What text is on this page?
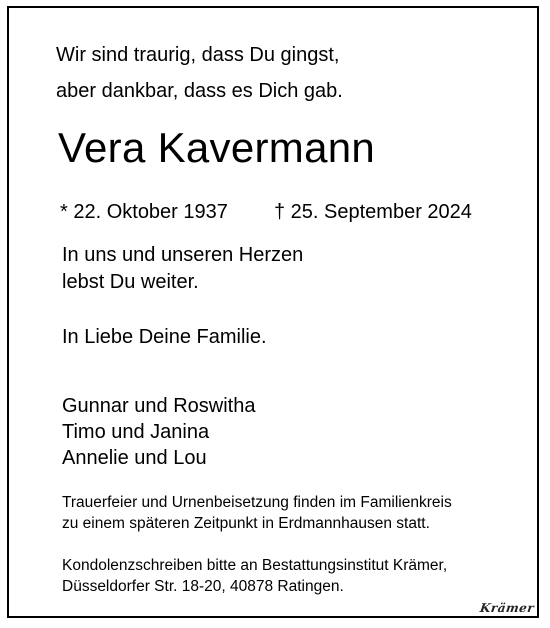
Wir sind traurig, dass Du gingst,

aber dankbar, dass es Dich gab.

Vera Kavermann

* 22. Oktober 1937 † 25. September 2024

In uns und unseren Herzen

lebst Du weiter.

In Liebe Deine Familie.

Gunnar und Roswitha

Timo und Janina

Annelie und Lou

Trauerfeier und Urnenbeisetzung finden im Familienkreis

zu einem späteren Zeitpunkt in Erdmannhausen statt.

Kondolenzschreiben bitte an Bestattungsinstitut Krämer,

Düsseldorfer Str. 18-20, 40878 Ratingen.

Krämer
